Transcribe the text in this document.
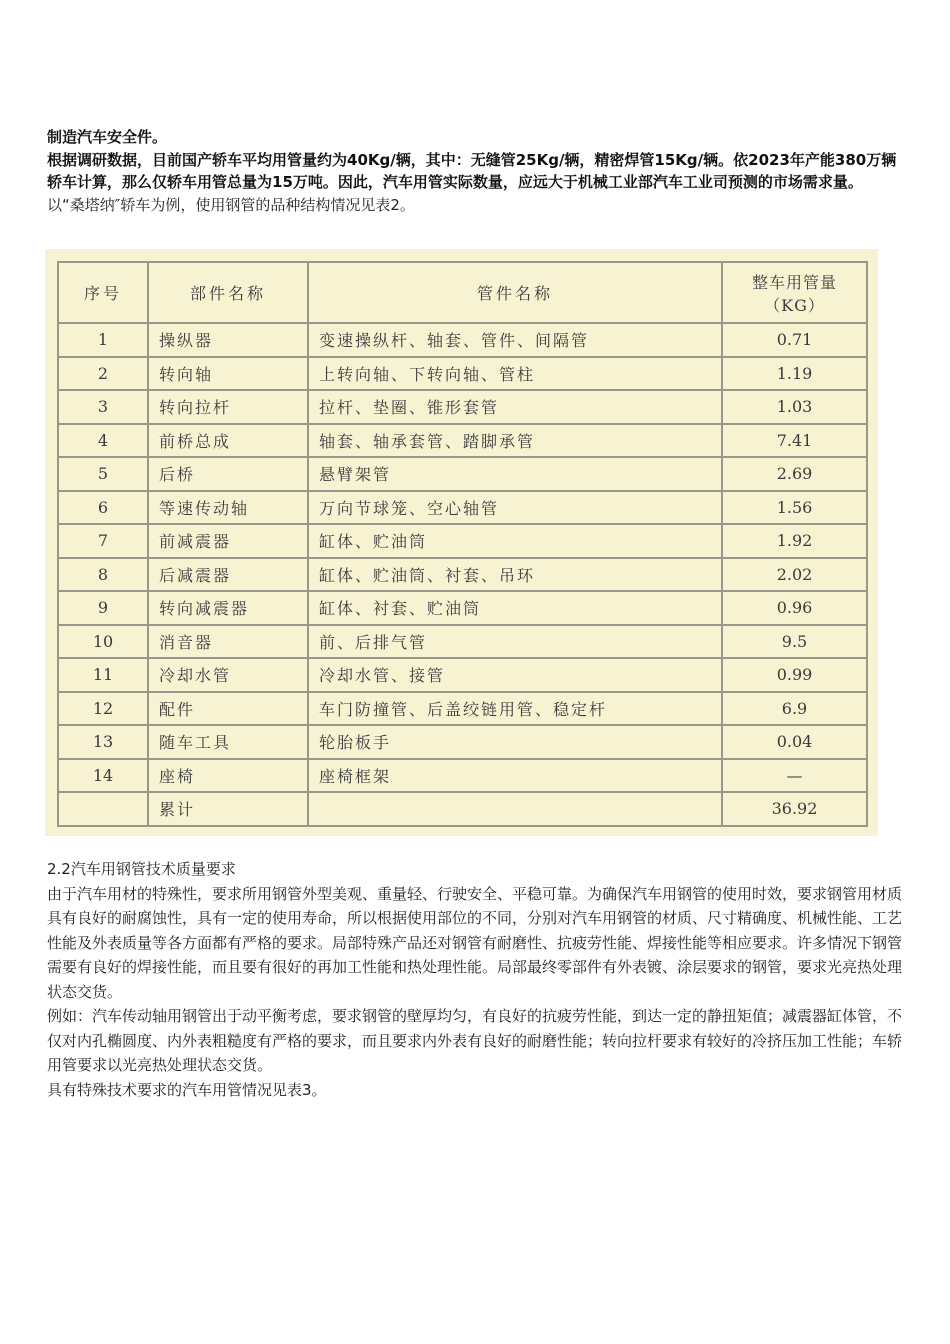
制造汽车安全件。

根据调研数据，目前国产轿车平均用管量约为40Kg/辆，其中：无缝管25Kg/辆，精密焊管15Kg/辆。依2023年产能380万辆轿车计算，那么仅轿车用管总量为15万吨。因此，汽车用管实际数量，应远大于机械工业部汽车工业司预测的市场需求量。

以“桑塔纳″轿车为例，使用钢管的品种结构情况见表2。

序号	部件名称	管件名称	整车用管量
（KG）

1	操纵器	变速操纵杆、轴套、管件、间隔管	0.71
2	转向轴	上转向轴、下转向轴、管柱	1.19
3	转向拉杆	拉杆、垫圈、锥形套管	1.03
4	前桥总成	轴套、轴承套管、踏脚承管	7.41
5	后桥	悬臂架管	2.69
6	等速传动轴	万向节球笼、空心轴管	1.56
7	前减震器	缸体、贮油筒	1.92
8	后减震器	缸体、贮油筒、衬套、吊环	2.02
9	转向减震器	缸体、衬套、贮油筒	0.96
10	消音器	前、后排气管	9.5
11	冷却水管	冷却水管、接管	0.99
12	配件	车门防撞管、后盖绞链用管、稳定杆	6.9
13	随车工具	轮胎板手	0.04
14	座椅	座椅框架	—
	累计		36.92

2.2汽车用钢管技术质量要求

由于汽车用材的特殊性，要求所用钢管外型美观、重量轻、行驶安全、平稳可靠。为确保汽车用钢管的使用时效，要求钢管用材质具有良好的耐腐蚀性，具有一定的使用寿命，所以根据使用部位的不同，分别对汽车用钢管的材质、尺寸精确度、机械性能、工艺性能及外表质量等各方面都有严格的要求。局部特殊产品还对钢管有耐磨性、抗疲劳性能、焊接性能等相应要求。许多情况下钢管需要有良好的焊接性能，而且要有很好的再加工性能和热处理性能。局部最终零部件有外表镀、涂层要求的钢管，要求光亮热处理状态交货。

例如：汽车传动轴用钢管出于动平衡考虑，要求钢管的壁厚均匀，有良好的抗疲劳性能，到达一定的静扭矩值；减震器缸体管，不仅对内孔椭圆度、内外表粗糙度有严格的要求，而且要求内外表有良好的耐磨性能；转向拉杆要求有较好的冷挤压加工性能；车轿用管要求以光亮热处理状态交货。

具有特殊技术要求的汽车用管情况见表3。
